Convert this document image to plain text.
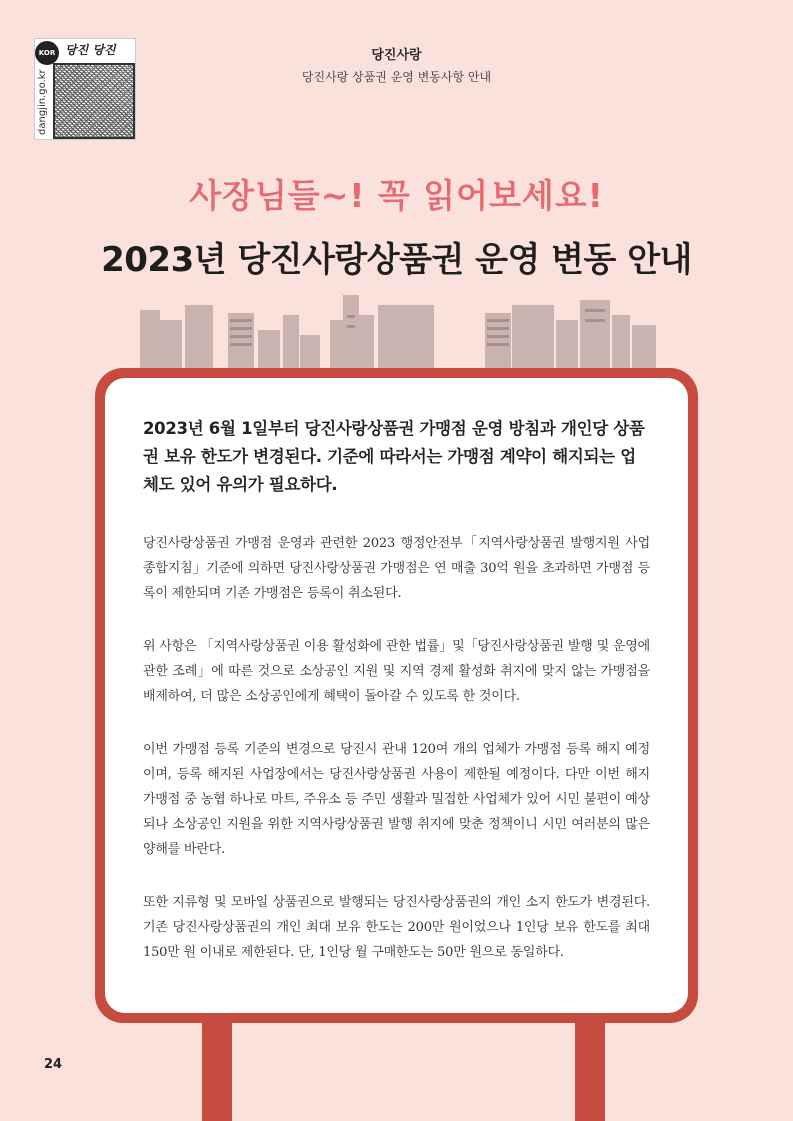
KOR 당진 당진
dangjin.go.kr
당진사랑
당진사랑 상품권 운영 변동사항 안내
사장님들~! 꼭 읽어보세요!
2023년 당진사랑상품권 운영 변동 안내

2023년 6월 1일부터 당진사랑상품권 가맹점 운영 방침과 개인당 상품권 보유 한도가 변경된다. 기준에 따라서는 가맹점 계약이 해지되는 업체도 있어 유의가 필요하다.

당진사랑상품권 가맹점 운영과 관련한 2023 행정안전부「지역사랑상품권 발행지원 사업 종합지침」기준에 의하면 당진사랑상품권 가맹점은 연 매출 30억 원을 초과하면 가맹점 등록이 제한되며 기존 가맹점은 등록이 취소된다.

위 사항은 「지역사랑상품권 이용 활성화에 관한 법률」및「당진사랑상품권 발행 및 운영에 관한 조례」에 따른 것으로 소상공인 지원 및 지역 경제 활성화 취지에 맞지 않는 가맹점을 배제하여, 더 많은 소상공인에게 혜택이 돌아갈 수 있도록 한 것이다.

이번 가맹점 등록 기준의 변경으로 당진시 관내 120여 개의 업체가 가맹점 등록 해지 예정이며, 등록 해지된 사업장에서는 당진사랑상품권 사용이 제한될 예정이다. 다만 이번 해지 가맹점 중 농협 하나로 마트, 주유소 등 주민 생활과 밀접한 사업체가 있어 시민 불편이 예상되나 소상공인 지원을 위한 지역사랑상품권 발행 취지에 맞춘 정책이니 시민 여러분의 많은 양해를 바란다.

또한 지류형 및 모바일 상품권으로 발행되는 당진사랑상품권의 개인 소지 한도가 변경된다. 기존 당진사랑상품권의 개인 최대 보유 한도는 200만 원이었으나 1인당 보유 한도를 최대 150만 원 이내로 제한된다. 단, 1인당 월 구매한도는 50만 원으로 동일하다.

24
